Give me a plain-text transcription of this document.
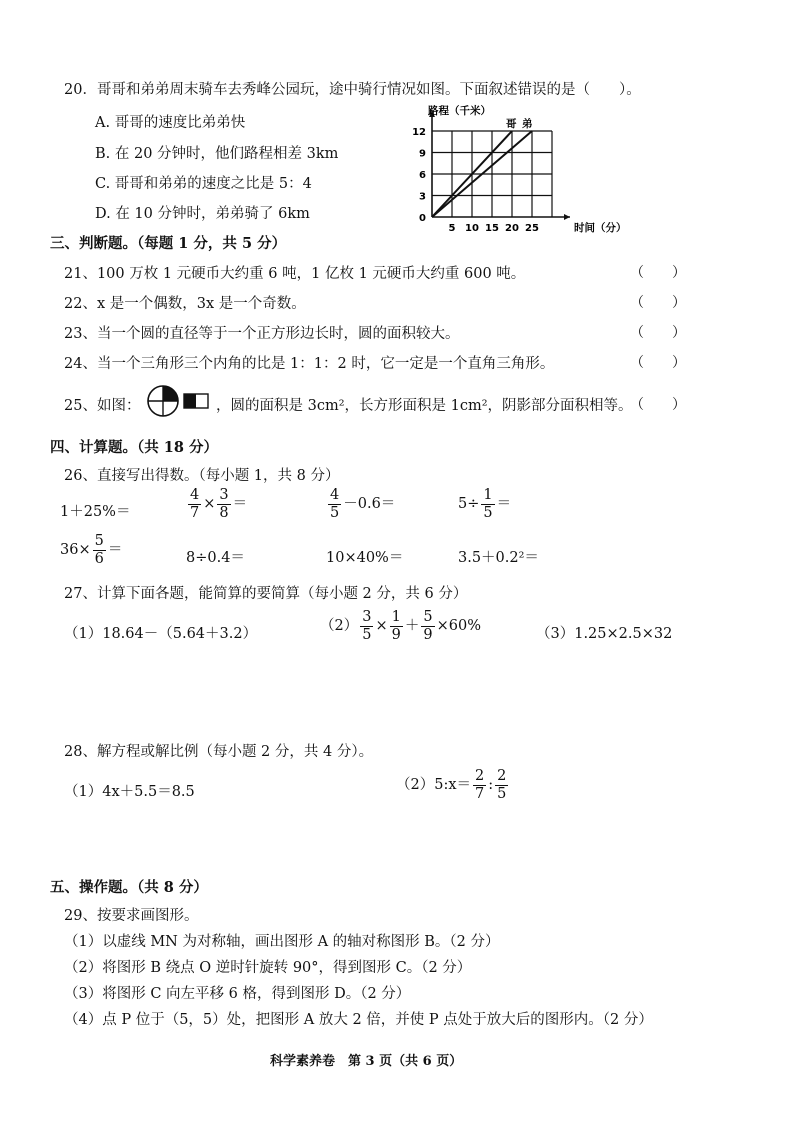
20．哥哥和弟弟周末骑车去秀峰公园玩，途中骑行情况如图。下面叙述错误的是（　　）。
A. 哥哥的速度比弟弟快
B. 在 20 分钟时，他们路程相差 3km
C. 哥哥和弟弟的速度之比是 5：4
D. 在 10 分钟时，弟弟骑了 6km
5 10 15 20 25
0
3
6
9
12
路程（千米）
时间（分）
哥 弟
三、判断题。（每题 1 分，共 5 分）
21、100 万枚 1 元硬币大约重 6 吨，1 亿枚 1 元硬币大约重 600 吨。	（　　）
22、x 是一个偶数，3x 是一个奇数。	（　　）
23、当一个圆的直径等于一个正方形边长时，圆的面积较大。	（　　）
24、当一个三角形三个内角的比是 1：1：2 时，它一定是一个直角三角形。	（　　）
25、如图：	，圆的面积是 3cm²，长方形面积是 1cm²，阴影部分面积相等。
（　　）
四、计算题。（共 18 分）
26、直接写出得数。（每小题 1，共 8 分）
1＋25%＝	$\frac{4}{7} \times \frac{3}{8}$ ＝	$\frac{4}{5} -0.6=$	$5\div \frac{1}{5}$ ＝
$36\times \frac{5}{6}$ ＝	8÷0.4＝	10×40%＝	3.5＋0.2²＝
27、计算下面各题，能简算的要简算（每小题 2 分，共 6 分）
（1）18.64－（5.64＋3.2）	$(2) \frac{3}{5} \times \frac{1}{9} + \frac{5}{9} \times 60\%$	（3）1.25×2.5×32
28、解方程或解比例（每小题 2 分，共 4 分）。
（1）4x＋5.5＝8.5	（2）5:x＝ $\frac{2}{7}$ : $\frac{2}{5}$
五、操作题。（共 8 分）
29、按要求画图形。
（1）以虚线 MN 为对称轴，画出图形 A 的轴对称图形 B。（2 分）
（2）将图形 B 绕点 O 逆时针旋转 90°，得到图形 C。（2 分）
（3）将图形 C 向左平移 6 格，得到图形 D。（2 分）
（4）点 P 位于（5，5）处，把图形 A 放大 2 倍，并使 P 点处于放大后的图形内。（2 分）
科学素养卷　第 3 页（共 6 页）
